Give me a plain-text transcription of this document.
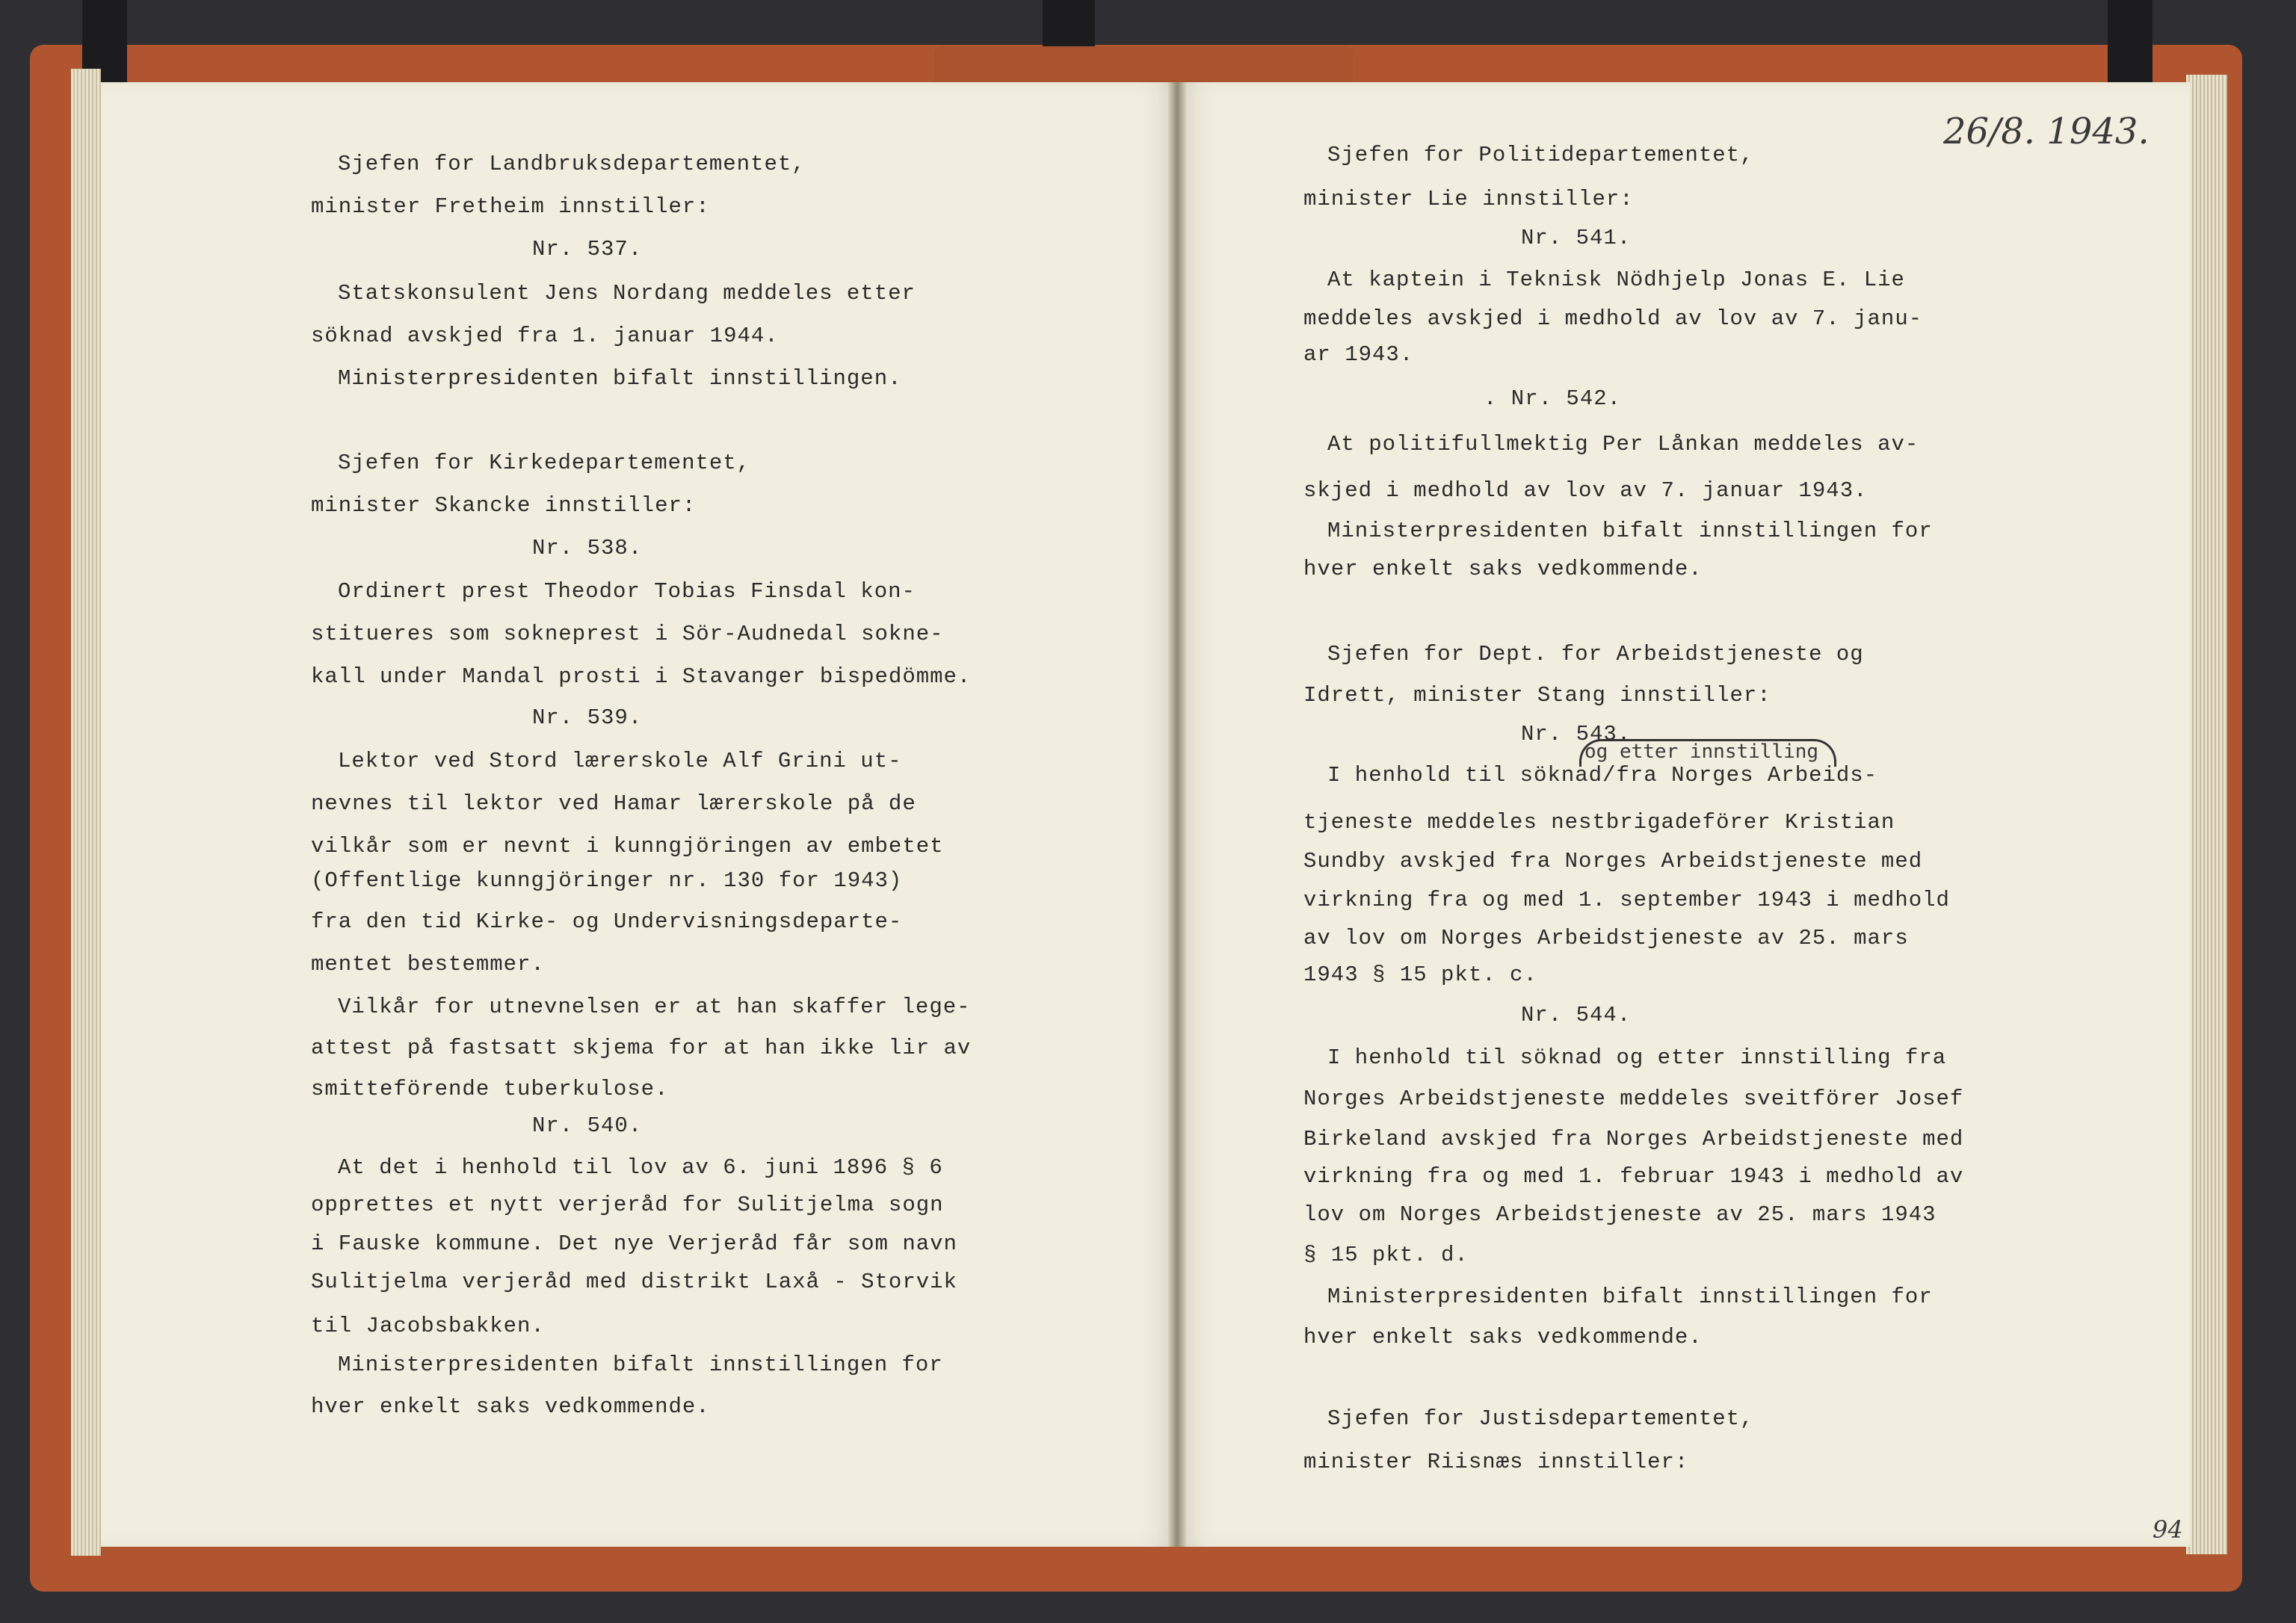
Sjefen for Landbruksdepartementet,
minister Fretheim innstiller:
Nr. 537.
Statskonsulent Jens Nordang meddeles etter
söknad avskjed fra 1. januar 1944.
Ministerpresidenten bifalt innstillingen.
Sjefen for Kirkedepartementet,
minister Skancke innstiller:
Nr. 538.
Ordinert prest Theodor Tobias Finsdal kon-
stitueres som sokneprest i Sör-Audnedal sokne-
kall under Mandal prosti i Stavanger bispedömme.
Nr. 539.
Lektor ved Stord lærerskole Alf Grini ut-
nevnes til lektor ved Hamar lærerskole på de
vilkår som er nevnt i kunngjöringen av embetet
(Offentlige kunngjöringer nr. 130 for 1943)
fra den tid Kirke- og Undervisningsdeparte-
mentet bestemmer.
Vilkår for utnevnelsen er at han skaffer lege-
attest på fastsatt skjema for at han ikke lir av
smitteförende tuberkulose.
Nr. 540.
At det i henhold til lov av 6. juni 1896 § 6
opprettes et nytt verjeråd for Sulitjelma sogn
i Fauske kommune. Det nye Verjeråd får som navn
Sulitjelma verjeråd med distrikt Laxå - Storvik
til Jacobsbakken.
Ministerpresidenten bifalt innstillingen for
hver enkelt saks vedkommende.
26/8. 1943.
94
Sjefen for Politidepartementet,
minister Lie innstiller:
Nr. 541.
At kaptein i Teknisk Nödhjelp Jonas E. Lie
meddeles avskjed i medhold av lov av 7. janu-
ar 1943.
. Nr. 542.
At politifullmektig Per Lånkan meddeles av-
skjed i medhold av lov av 7. januar 1943.
Ministerpresidenten bifalt innstillingen for
hver enkelt saks vedkommende.
Sjefen for Dept. for Arbeidstjeneste og
Idrett, minister Stang innstiller:
Nr. 543.
og etter innstilling
I henhold til söknad/fra Norges Arbeids-
tjeneste meddeles nestbrigadeförer Kristian
Sundby avskjed fra Norges Arbeidstjeneste med
virkning fra og med 1. september 1943 i medhold
av lov om Norges Arbeidstjeneste av 25. mars
1943 § 15 pkt. c.
Nr. 544.
I henhold til söknad og etter innstilling fra
Norges Arbeidstjeneste meddeles sveitförer Josef
Birkeland avskjed fra Norges Arbeidstjeneste med
virkning fra og med 1. februar 1943 i medhold av
lov om Norges Arbeidstjeneste av 25. mars 1943
§ 15 pkt. d.
Ministerpresidenten bifalt innstillingen for
hver enkelt saks vedkommende.
Sjefen for Justisdepartementet,
minister Riisnæs innstiller:
